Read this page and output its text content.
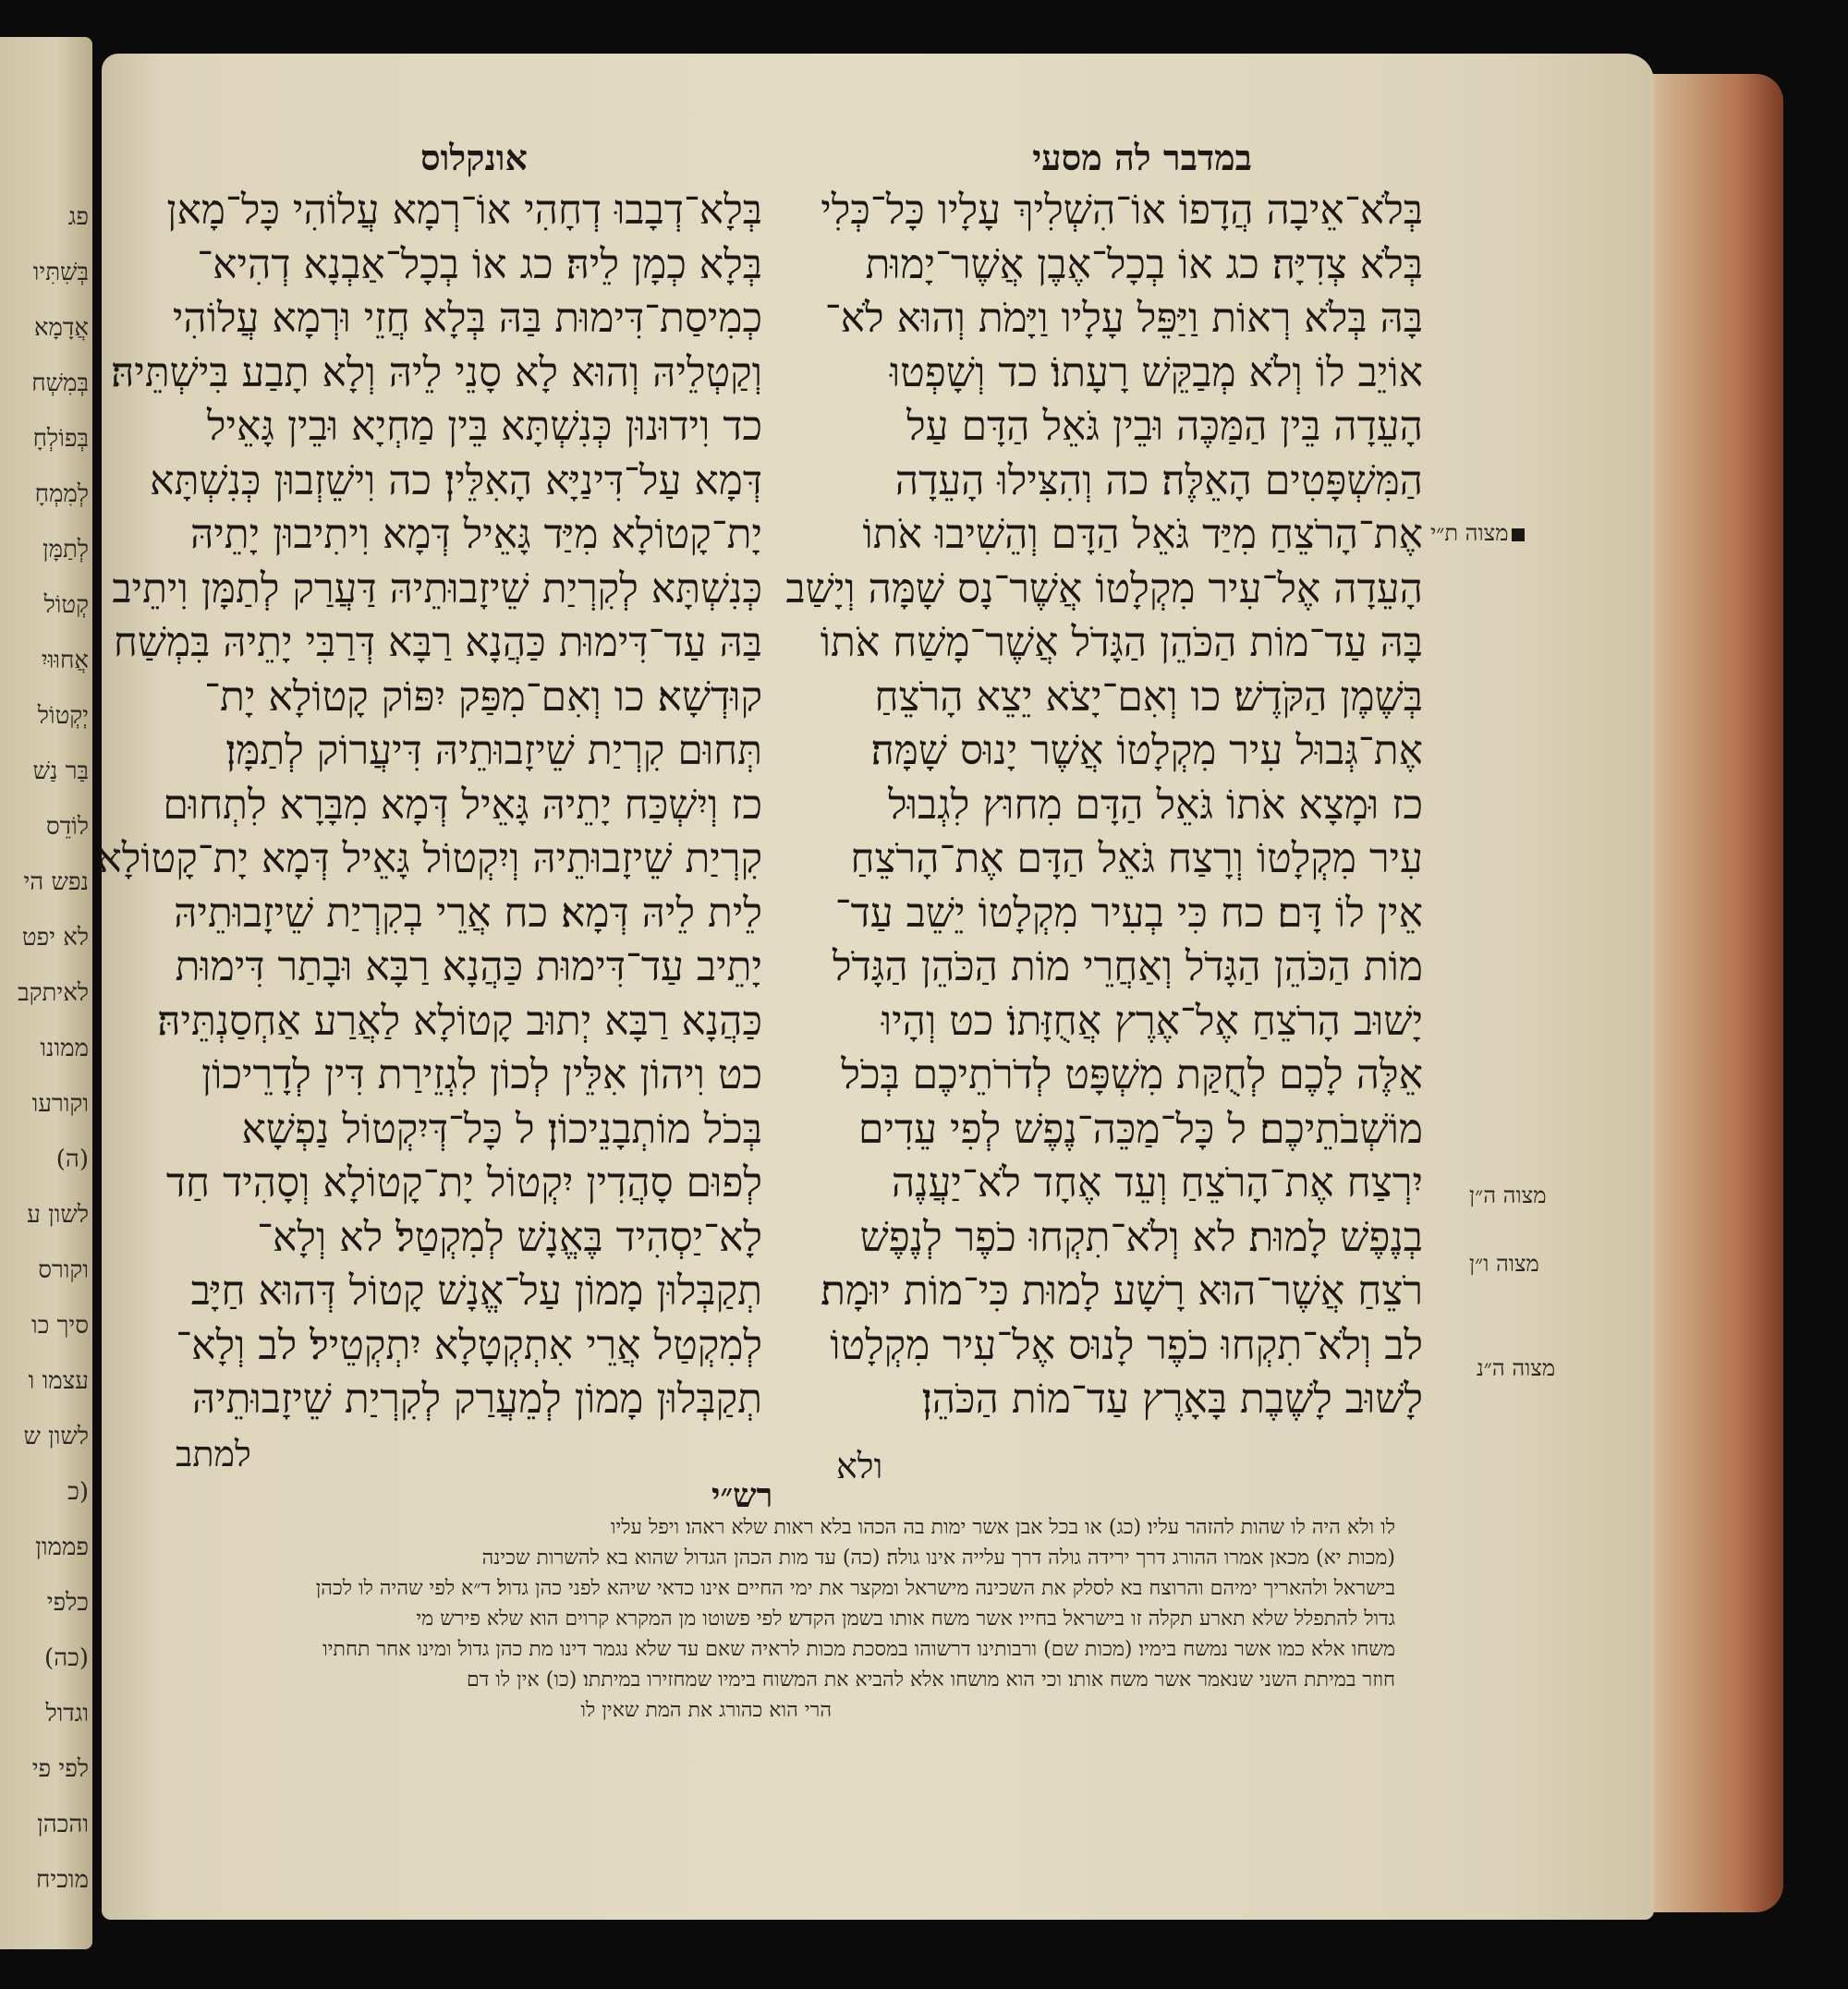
פג
בְּשִׁתִּיו
אֲדָמָא
בְּמִשְׁח
בְּפוֹלְחָ
לְמִמְחָ
לְתַמָּן
קְטוֹל
אֲחוּוּיִ
יְקְטוֹל
בַּר נַשׁ
לוֹדֵס
נפש הי
לא יפט
לאיתקב
ממונו
וקורעו
(ה)
לשון ע
וקורס
סיך כו
עצמו ו
לשון ש
(כ
פממון
כלפי
(כה)
וגדול
לפי פי
והכהן
מוכיח
במדבר לה מסעי
אונקלוס
בְּלֹא־אֵיבָה הֲדָפוֹ אוֹ־הִשְׁלִיךְ עָלָיו כָּל־כְּלִי
בְּלֹא צְדִיָּה׃ כג אוֹ בְכָל־אֶבֶן אֲשֶׁר־יָמוּת
בָּהּ בְּלֹא רְאוֹת וַיַּפֵּל עָלָיו וַיָּמֹת וְהוּא לֹא־
אוֹיֵב לוֹ וְלֹא מְבַקֵּשׁ רָעָתוֹ׃ כד וְשָׁפְטוּ
הָעֵדָה בֵּין הַמַּכֶּה וּבֵין גֹּאֵל הַדָּם עַל
הַמִּשְׁפָּטִים הָאֵלֶּה׃ כה וְהִצִּילוּ הָעֵדָה
אֶת־הָרֹצֵחַ מִיַּד גֹּאֵל הַדָּם וְהֵשִׁיבוּ אֹתוֹ
הָעֵדָה אֶל־עִיר מִקְלָטוֹ אֲשֶׁר־נָס שָׁמָּה וְיָשַׁב
בָּהּ עַד־מוֹת הַכֹּהֵן הַגָּדֹל אֲשֶׁר־מָשַׁח אֹתוֹ
בְּשֶׁמֶן הַקֹּדֶשׁ׃ כו וְאִם־יָצֹא יֵצֵא הָרֹצֵחַ
אֶת־גְּבוּל עִיר מִקְלָטוֹ אֲשֶׁר יָנוּס שָׁמָּה׃
כז וּמָצָא אֹתוֹ גֹּאֵל הַדָּם מִחוּץ לִגְבוּל
עִיר מִקְלָטוֹ וְרָצַח גֹּאֵל הַדָּם אֶת־הָרֹצֵחַ
אֵין לוֹ דָּם׃ כח כִּי בְעִיר מִקְלָטוֹ יֵשֵׁב עַד־
מוֹת הַכֹּהֵן הַגָּדֹל וְאַחֲרֵי מוֹת הַכֹּהֵן הַגָּדֹל
יָשׁוּב הָרֹצֵחַ אֶל־אֶרֶץ אֲחֻזָּתוֹ׃ כט וְהָיוּ
אֵלֶּה לָכֶם לְחֻקַּת מִשְׁפָּט לְדֹרֹתֵיכֶם בְּכֹל
מוֹשְׁבֹתֵיכֶם׃ ל כָּל־מַכֵּה־נֶפֶשׁ לְפִי עֵדִים
יִרְצַח אֶת־הָרֹצֵחַ וְעֵד אֶחָד לֹא־יַעֲנֶה
בְנֶפֶשׁ לָמוּת׃ לא וְלֹא־תִקְחוּ כֹפֶר לְנֶפֶשׁ
רֹצֵחַ אֲשֶׁר־הוּא רָשָׁע לָמוּת כִּי־מוֹת יוּמָת׃
לב וְלֹא־תִקְחוּ כֹפֶר לָנוּס אֶל־עִיר מִקְלָטוֹ
לָשׁוּב לָשֶׁבֶת בָּאָרֶץ עַד־מוֹת הַכֹּהֵן׃
בְּלָא־דְבָבוּ דְחָהִי אוֹ־רְמָא עֲלוֹהִי כָּל־מָאן
בְּלָא כְמָן לֵיהּ׃ כג אוֹ בְכָל־אַבְנָא דְהִיא־
כְמִיסַת־דִּימוּת בַּהּ בְּלָא חֲזֵי וּרְמָא עֲלוֹהִי
וְקַטְלֵיהּ וְהוּא לָא סָנֵי לֵיהּ וְלָא תָבַע בִּישְׁתֵּיהּ׃
כד וִידוּנוּן כְּנִשְׁתָּא בֵּין מַחְיָא וּבֵין גָּאֵיל
דְּמָא עַל־דִּינַיָּא הָאִלֵּין׃ כה וִישֵׁזְבוּן כְּנִשְׁתָּא
יָת־קָטוֹלָא מִיַּד גָּאֵיל דְּמָא וִיתִיבוּן יָתֵיהּ
כְּנִשְׁתָּא לְקִרְיַת שֵׁיזָבוּתֵיהּ דַּעֲרַק לְתַמָּן וִיתֵיב
בַּהּ עַד־דִּימוּת כַּהֲנָא רַבָּא דְּרַבִּי יָתֵיהּ בִּמְשַׁח
קוּדְשָׁא׃ כו וְאִם־מִפַּק יִפּוֹק קָטוֹלָא יָת־
תְּחוּם קִרְיַת שֵׁיזָבוּתֵיהּ דִּיעֲרוֹק לְתַמָּן׃
כז וְיִשְׁכַּח יָתֵיהּ גָּאֵיל דְּמָא מִבָּרָא לִתְחוּם
קִרְיַת שֵׁיזָבוּתֵיהּ וְיִקְטוֹל גָּאֵיל דְּמָא יָת־קָטוֹלָא
לֵית לֵיהּ דְּמָא׃ כח אֲרֵי בְקִרְיַת שֵׁיזָבוּתֵיהּ
יָתֵיב עַד־דִּימוּת כַּהֲנָא רַבָּא וּבָתַר דִּימוּת
כַּהֲנָא רַבָּא יְתוּב קָטוֹלָא לַאֲרַע אַחְסַנְתֵּיהּ׃
כט וִיהוֹן אִלֵּין לְכוֹן לִגְזֵירַת דִּין לְדָרֵיכוֹן
בְּכֹל מוֹתְבָנֵיכוֹן׃ ל כָּל־דְּיִקְטוֹל נַפְשָׁא
לְפוּם סָהֲדִין יִקְטוֹל יָת־קָטוֹלָא וְסָהִיד חַד
לָא־יַסְהִיד בֶּאֱנָשׁ לְמִקְטַל׃ לא וְלָא־
תְקַבְּלוּן מָמוֹן עַל־אֱנָשׁ קָטוֹל דְּהוּא חַיָּב
לְמִקְטַל אֲרֵי אִתְקְטָלָא יִתְקְטֵיל׃ לב וְלָא־
תְקַבְּלוּן מָמוֹן לְמֵעֲרַק לְקִרְיַת שֵׁיזָבוּתֵיהּ
למתב	ולא
מצוה ת״י
מצוה ה״ן
מצוה ו״ן
מצוה ה״נ
רש״י
לו ולא היה לו שהות להזהר עליו׃ (כג) או בכל אבן אשר ימות בה הכהו בלא ראות שלא ראהו׃ ויפל עליו
(מכות יא) מכאן אמרו ההורג דרך ירידה גולה דרך עלייה אינו גולה׃ (כה) עד מות הכהן הגדול שהוא בא להשרות שכינה
בישראל ולהאריך ימיהם והרוצח בא לסלק את השכינה מישראל ומקצר את ימי החיים אינו כדאי שיהא לפני כהן גדול׃ ד״א לפי שהיה לו לכהן
גדול להתפלל שלא תארע תקלה זו בישראל בחייו׃ אשר משח אותו בשמן הקדש׃ לפי פשוטו מן המקרא קרוים הוא שלא פירש מי
משחו אלא כמו אשר נמשח בימיו׃ (מכות שם) ורבותינו דרשוהו במסכת מכות לראיה שאם עד שלא נגמר דינו מת כהן גדול ומינו אחר תחתיו
חוזר במיתת השני שנאמר אשר משח אותו׃ וכי הוא מושחו אלא להביא את המשוח בימיו שמחזירו במיתתו׃ (כו) אין לו דם
הרי הוא כהורג את המת שאין לו
